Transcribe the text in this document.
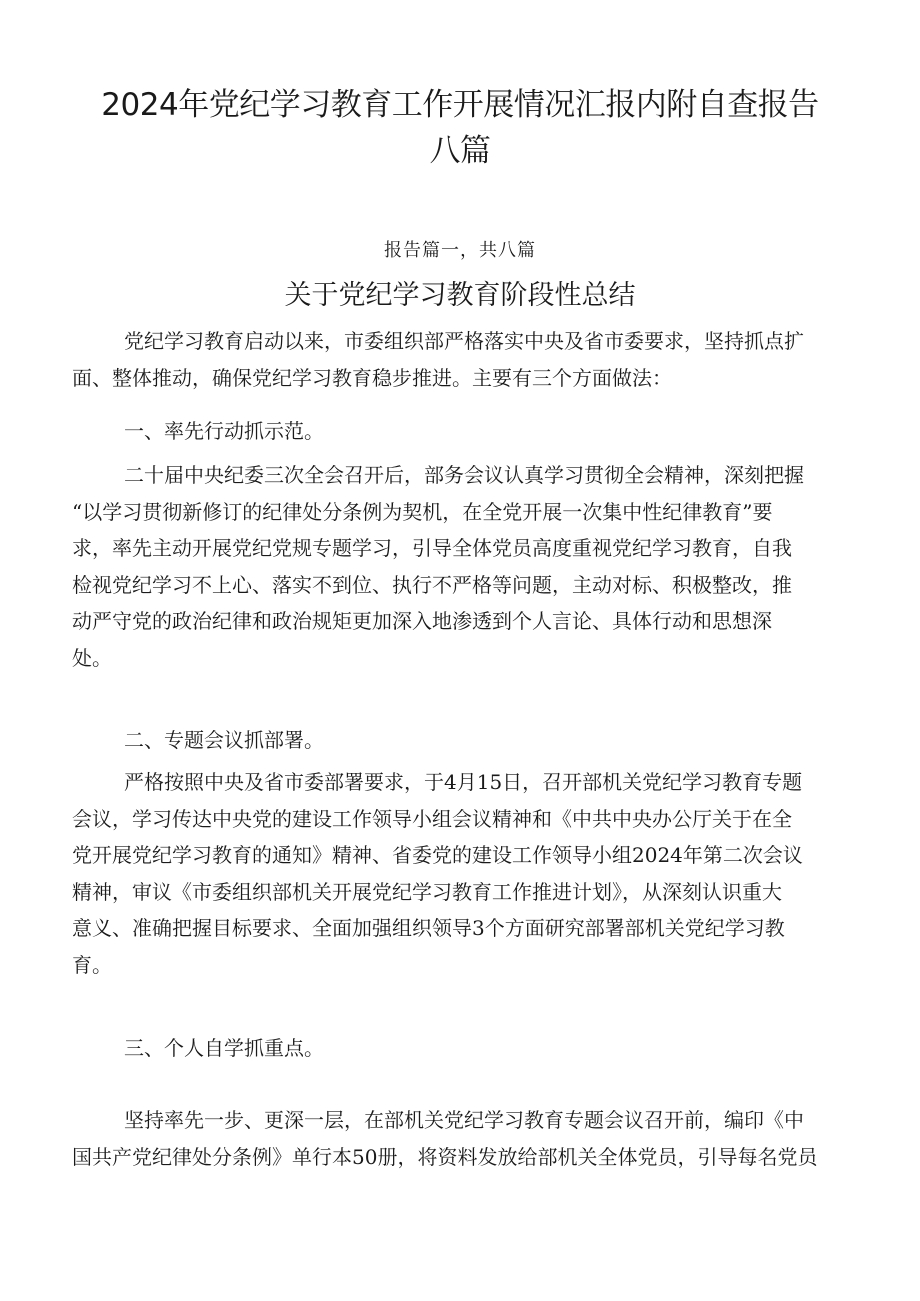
2024年党纪学习教育工作开展情况汇报内附自查报告
八篇
报告篇一，共八篇
关于党纪学习教育阶段性总结

党纪学习教育启动以来，市委组织部严格落实中央及省市委要求，坚持抓点扩
面、整体推动，确保党纪学习教育稳步推进。主要有三个方面做法：

一、率先行动抓示范。

二十届中央纪委三次全会召开后，部务会议认真学习贯彻全会精神，深刻把握
“以学习贯彻新修订的纪律处分条例为契机，在全党开展一次集中性纪律教育”要
求，率先主动开展党纪党规专题学习，引导全体党员高度重视党纪学习教育，自我
检视党纪学习不上心、落实不到位、执行不严格等问题，主动对标、积极整改，推
动严守党的政治纪律和政治规矩更加深入地渗透到个人言论、具体行动和思想深
处。

二、专题会议抓部署。

严格按照中央及省市委部署要求，于4月15日，召开部机关党纪学习教育专题
会议，学习传达中央党的建设工作领导小组会议精神和《中共中央办公厅关于在全
党开展党纪学习教育的通知》精神、省委党的建设工作领导小组2024年第二次会议
精神，审议《市委组织部机关开展党纪学习教育工作推进计划》，从深刻认识重大
意义、准确把握目标要求、全面加强组织领导3个方面研究部署部机关党纪学习教
育。

三、个人自学抓重点。

坚持率先一步、更深一层，在部机关党纪学习教育专题会议召开前，编印《中
国共产党纪律处分条例》单行本50册，将资料发放给部机关全体党员，引导每名党员
